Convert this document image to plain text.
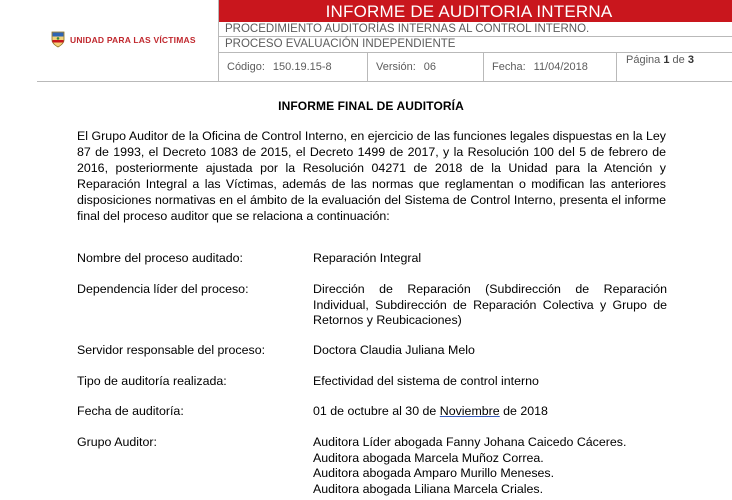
UNIDAD PARA LAS VÍCTIMAS
INFORME DE AUDITORIA INTERNA
PROCEDIMIENTO AUDITORÍAS INTERNAS AL CONTROL INTERNO.
PROCESO EVALUACIÓN INDEPENDIENTE
Código: 150.19.15-8	Versión: 06	Fecha: 11/04/2018
Página 1 de 3
INFORME FINAL DE AUDITORÍA
El Grupo Auditor de la Oficina de Control Interno, en ejercicio de las funciones legales dispuestas en la Ley 87 de 1993, el Decreto 1083 de 2015, el Decreto 1499 de 2017, y la Resolución 100 del 5 de febrero de 2016, posteriormente ajustada por la Resolución 04271 de 2018 de la Unidad para la Atención y Reparación Integral a las Víctimas, además de las normas que reglamentan o modifican las anteriores disposiciones normativas en el ámbito de la evaluación del Sistema de Control Interno, presenta el informe final del proceso auditor que se relaciona a continuación:
Nombre del proceso auditado:	Reparación Integral
Dependencia líder del proceso:	Dirección de Reparación (Subdirección de Reparación Individual, Subdirección de Reparación Colectiva y Grupo de Retornos y Reubicaciones)
Servidor responsable del proceso:	Doctora Claudia Juliana Melo
Tipo de auditoría realizada:	Efectividad del sistema de control interno
Fecha de auditoría:	01 de octubre al 30 de Noviembre de 2018
Grupo Auditor:	Auditora Líder abogada Fanny Johana Caicedo Cáceres.
Auditora abogada Marcela Muñoz Correa.
Auditora abogada Amparo Murillo Meneses.
Auditora abogada Liliana Marcela Criales.
